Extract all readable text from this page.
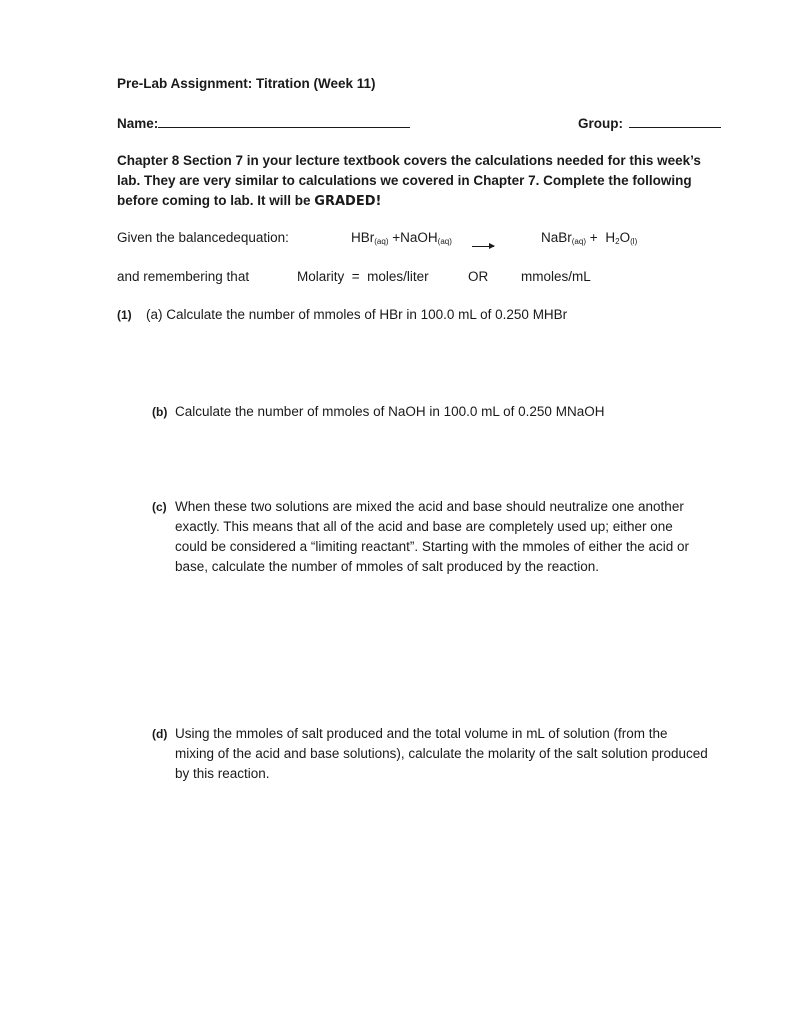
Pre-Lab Assignment: Titration (Week 11)
Name:	Group:
Chapter 8 Section 7 in your lecture textbook covers the calculations needed for this week’s lab. They are very similar to calculations we covered in Chapter 7. Complete the following before coming to lab. It will be GRADED!
Given the balancedequation:	HBr$_{(aq)}$ +NaOH$_{(aq)}$ →
NaBr$_{(aq)}$ + $H_2O_{(l)}$
and remembering that	Molarity  =  moles/liter	OR mmoles/mL
(1) (a) Calculate the number of mmoles of HBr in 100.0 mL of 0.250 MHBr
(b) Calculate the number of mmoles of NaOH in 100.0 mL of 0.250 MNaOH
(c) When these two solutions are mixed the acid and base should neutralize one another exactly. This means that all of the acid and base are completely used up; either one could be considered a “limiting reactant”. Starting with the mmoles of either the acid or base, calculate the number of mmoles of salt produced by the reaction.
(d) Using the mmoles of salt produced and the total volume in mL of solution (from the mixing of the acid and base solutions), calculate the molarity of the salt solution produced by this reaction.
